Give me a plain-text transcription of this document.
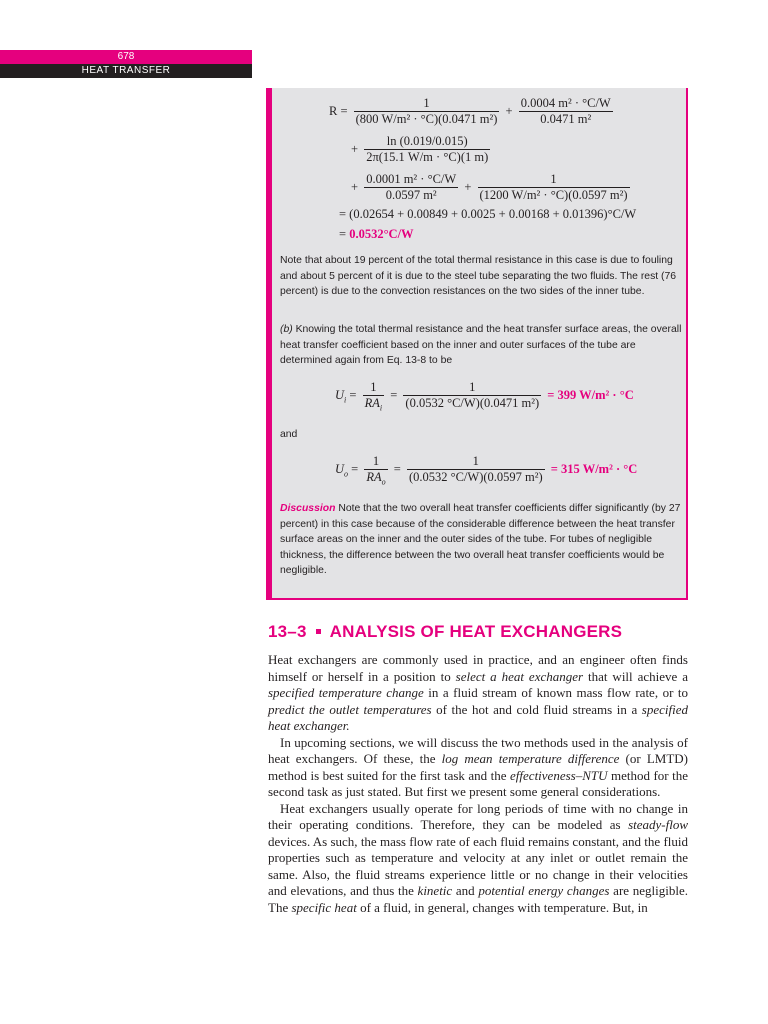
678
HEAT TRANSFER
$R = \frac{1}{\text{(800 W/m² · °C)(0.0471 m²)}} + \frac{\text{0.0004 m² · °C/W}}{\text{0.0471 m²}}$
+ $\frac{\ln (0.019/0.015)}{2\pi(15.1 W/m \cdot ^\circ C)(1 m)}$
+ $\frac{\text{0.0001 m² · °C/W}}{\text{0.0597 m²}} + \frac{1}{\text{(1200 W/m² · °C)(0.0597 m²)}}$
= (0.02654 + 0.00849 + 0.0025 + 0.00168 + 0.01396)°C/W
= 0.0532°C/W
Note that about 19 percent of the total thermal resistance in this case is due to fouling and about 5 percent of it is due to the steel tube separating the two fluids. The rest (76 percent) is due to the convection resistances on the two sides of the inner tube.
(b) Knowing the total thermal resistance and the heat transfer surface areas, the overall heat transfer coefficient based on the inner and outer surfaces of the tube are determined again from Eq. 13-8 to be
$U_i = \frac{1}{RA_i} = \frac{1}{\text{(0.0532 °C/W)(0.0471 m²)}} = 399$ W/m² · °C
and
$U_o = \frac{1}{RA_o} = \frac{1}{\text{(0.0532 °C/W)(0.0597 m²)}} = 315$ W/m² · °C
Discussion Note that the two overall heat transfer coefficients differ significantly (by 27 percent) in this case because of the considerable difference between the heat transfer surface areas on the inner and the outer sides of the tube. For tubes of negligible thickness, the difference between the two overall heat transfer coefficients would be negligible.
13–3 ANALYSIS OF HEAT EXCHANGERS

Heat exchangers are commonly used in practice, and an engineer often finds himself or herself in a position to select a heat exchanger that will achieve a specified temperature change in a fluid stream of known mass flow rate, or to predict the outlet temperatures of the hot and cold fluid streams in a specified heat exchanger.

In upcoming sections, we will discuss the two methods used in the analysis of heat exchangers. Of these, the log mean temperature difference (or LMTD) method is best suited for the first task and the effectiveness–NTU method for the second task as just stated. But first we present some general considerations.

Heat exchangers usually operate for long periods of time with no change in their operating conditions. Therefore, they can be modeled as steady-flow devices. As such, the mass flow rate of each fluid remains constant, and the fluid properties such as temperature and velocity at any inlet or outlet remain the same. Also, the fluid streams experience little or no change in their velocities and elevations, and thus the kinetic and potential energy changes are negligible. The specific heat of a fluid, in general, changes with temperature. But, in
